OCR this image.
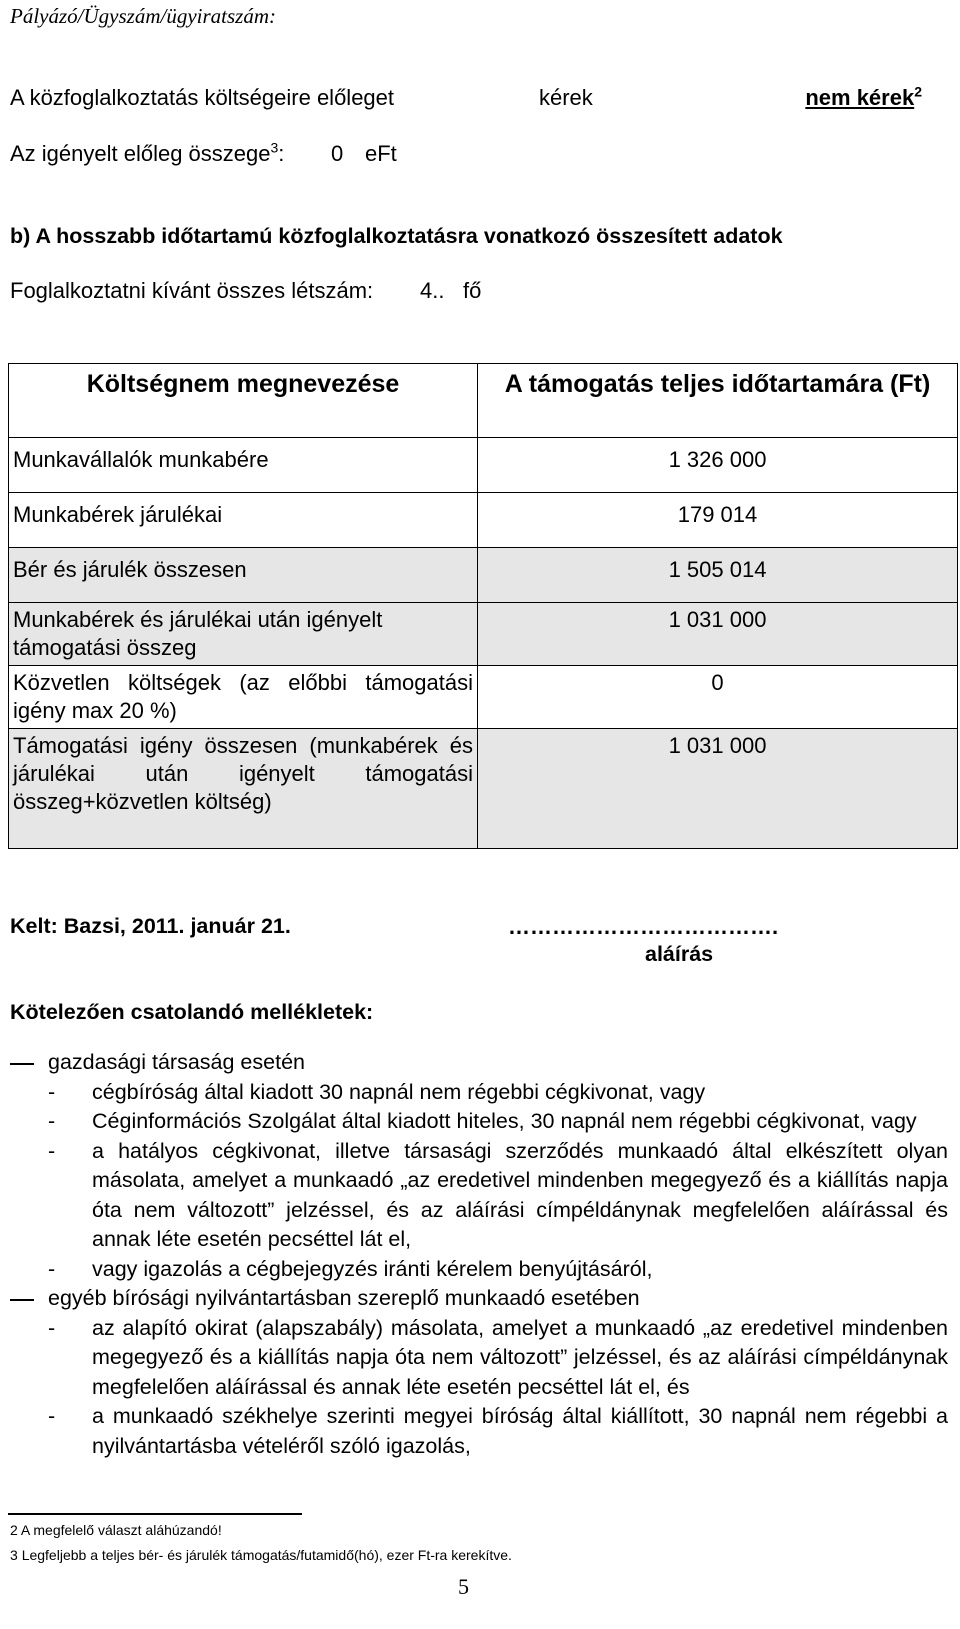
Pályázó/Ügyszám/ügyiratszám:
A közfoglalkoztatás költségeire előleget	kérek	nem kérek$^2$
Az igényelt előleg összege$^3$: 0 eFt
b) A hosszabb időtartamú közfoglalkoztatásra vonatkozó összesített adatok
Foglalkoztatni kívánt összes létszám: 4.. fő
Költségnem megnevezése	A támogatás teljes időtartamára (Ft)
Munkavállalók munkabére	1 326 000
Munkabérek járulékai	179 014
Bér és járulék összesen	1 505 014
Munkabérek és járulékai után igényelt támogatási összeg	1 031 000
Közvetlen költségek (az előbbi támogatási igény max 20 %)	0
Támogatási igény összesen (munkabérek és járulékai után igényelt támogatási összeg+közvetlen költség)	1 031 000
Kelt: Bazsi, 2011. január 21.	……………………………….
aláírás
Kötelezően csatolandó mellékletek:
gazdasági társaság esetén
-	cégbíróság által kiadott 30 napnál nem régebbi cégkivonat, vagy
-	Céginformációs Szolgálat által kiadott hiteles, 30 napnál nem régebbi cégkivonat, vagy
-	a hatályos cégkivonat, illetve társasági szerződés munkaadó által elkészített olyan másolata, amelyet a munkaadó „az eredetivel mindenben megegyező és a kiállítás napja óta nem változott” jelzéssel, és az aláírási címpéldánynak megfelelően aláírással és annak léte esetén pecséttel lát el,
-	vagy igazolás a cégbejegyzés iránti kérelem benyújtásáról,
egyéb bírósági nyilvántartásban szereplő munkaadó esetében
-	az alapító okirat (alapszabály) másolata, amelyet a munkaadó „az eredetivel mindenben megegyező és a kiállítás napja óta nem változott” jelzéssel, és az aláírási címpéldánynak megfelelően aláírással és annak léte esetén pecséttel lát el, és
-	a munkaadó székhelye szerinti megyei bíróság által kiállított, 30 napnál nem régebbi a nyilvántartásba vételéről szóló igazolás,
2 A megfelelő választ aláhúzandó!
3 Legfeljebb a teljes bér- és járulék támogatás/futamidő(hó), ezer Ft-ra kerekítve.
5
